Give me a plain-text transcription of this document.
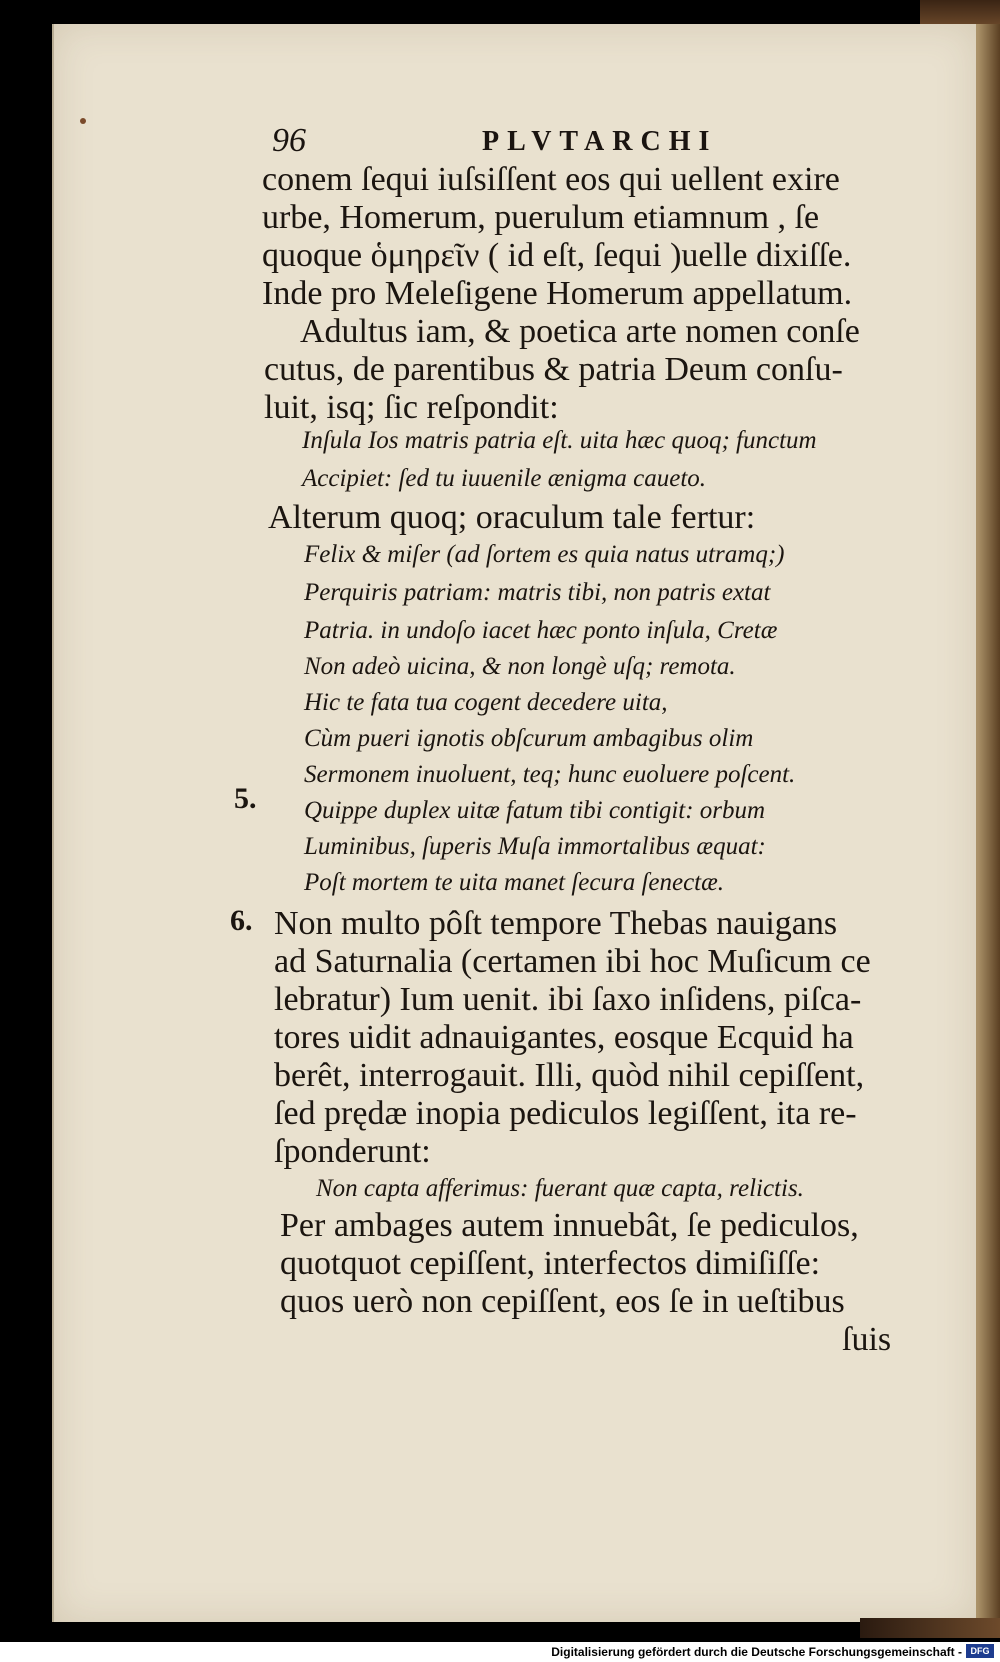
96	PLVTARCHI
conem ſequi iuſsiſſent eos qui uellent exire
urbe, Homerum, puerulum etiamnum , ſe
quoque ὁμηρεῖν ( id eſt, ſequi )uelle dixiſſe.
Inde pro Meleſigene Homerum appellatum.
Adultus iam, & poetica arte nomen conſe
cutus, de parentibus & patria Deum conſu-
luit, isq; ſic reſpondit:
Inſula Ios matris patria eſt. uita hæc quoq; functum
Accipiet: ſed tu iuuenile ænigma caueto.
Alterum quoq; oraculum tale fertur:
Felix & miſer (ad ſortem es quia natus utramq;)
Perquiris patriam: matris tibi, non patris extat
Patria. in undoſo iacet hæc ponto inſula, Cretæ
Non adeò uicina, & non longè uſq; remota.
Hic te fata tua cogent decedere uita,
Cùm pueri ignotis obſcurum ambagibus olim
Sermonem inuoluent, teq; hunc euoluere poſcent.
Quippe duplex uitæ fatum tibi contigit: orbum
Luminibus, ſuperis Muſa immortalibus æquat:
Poſt mortem te uita manet ſecura ſenectæ.
5.
6. Non multo pôſt tempore Thebas nauigans
ad Saturnalia (certamen ibi hoc Muſicum ce
lebratur) Ium uenit. ibi ſaxo inſidens, piſca-
tores uidit adnauigantes, eosque Ecquid ha
berêt, interrogauit. Illi, quòd nihil cepiſſent,
ſed prędæ inopia pediculos legiſſent, ita re-
ſponderunt:
Non capta afferimus: fuerant quæ capta, relictis.
Per ambages autem innuebât, ſe pediculos,
quotquot cepiſſent, interfectos dimiſiſſe:
quos uerò non cepiſſent, eos ſe in ueſtibus
ſuis
Digitalisierung gefördert durch die Deutsche Forschungsgemeinschaft - DFG
